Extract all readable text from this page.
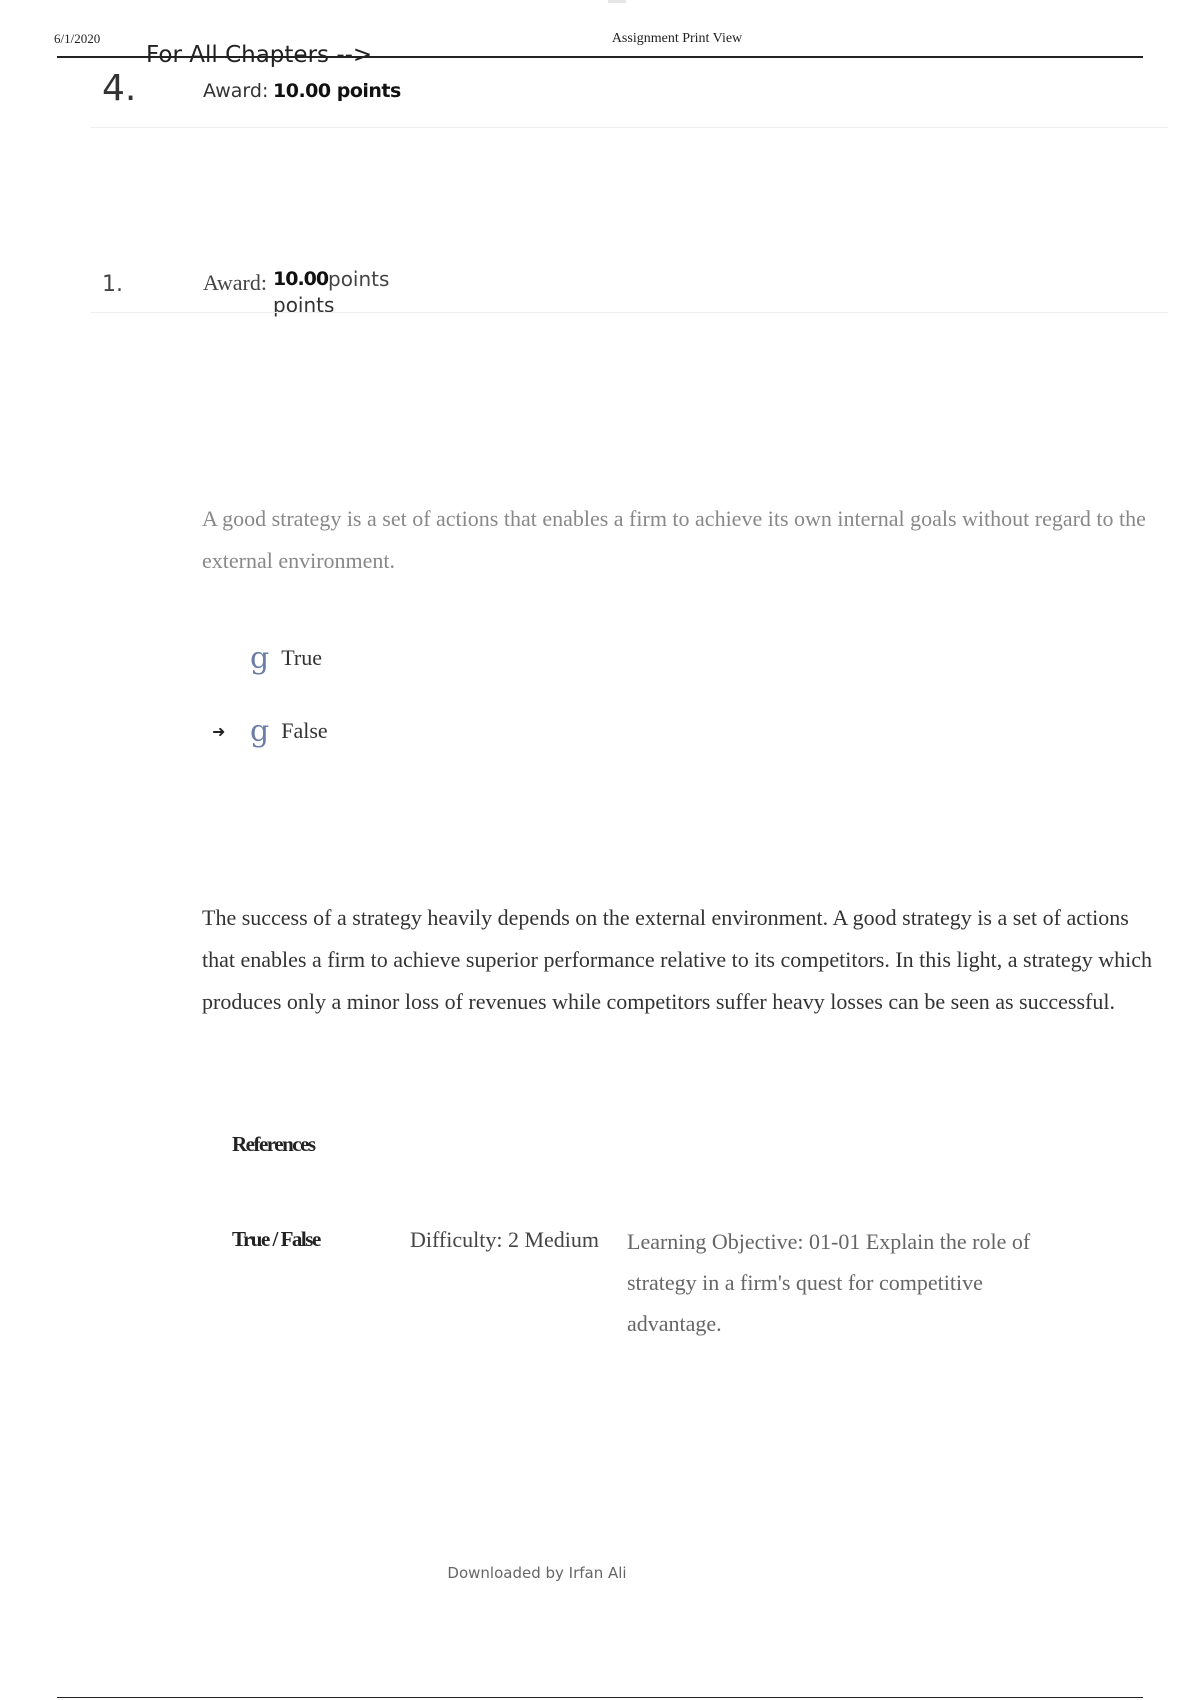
6/1/2020	Assignment Print View
For All Chapters -->
4.	Award: 10.00 points
1.	Award: 10.00 points
points
A good strategy is a set of actions that enables a firm to achieve its own internal goals without regard to the external environment.
g True
➜ g False
The success of a strategy heavily depends on the external environment. A good strategy is a set of actions that enables a firm to achieve superior performance relative to its competitors. In this light, a strategy which produces only a minor loss of revenues while competitors suffer heavy losses can be seen as successful.
References
True / False	Difficulty: 2 Medium Learning Objective: 01-01 Explain the role of strategy in a firm's quest for competitive advantage.
Downloaded by Irfan Ali
